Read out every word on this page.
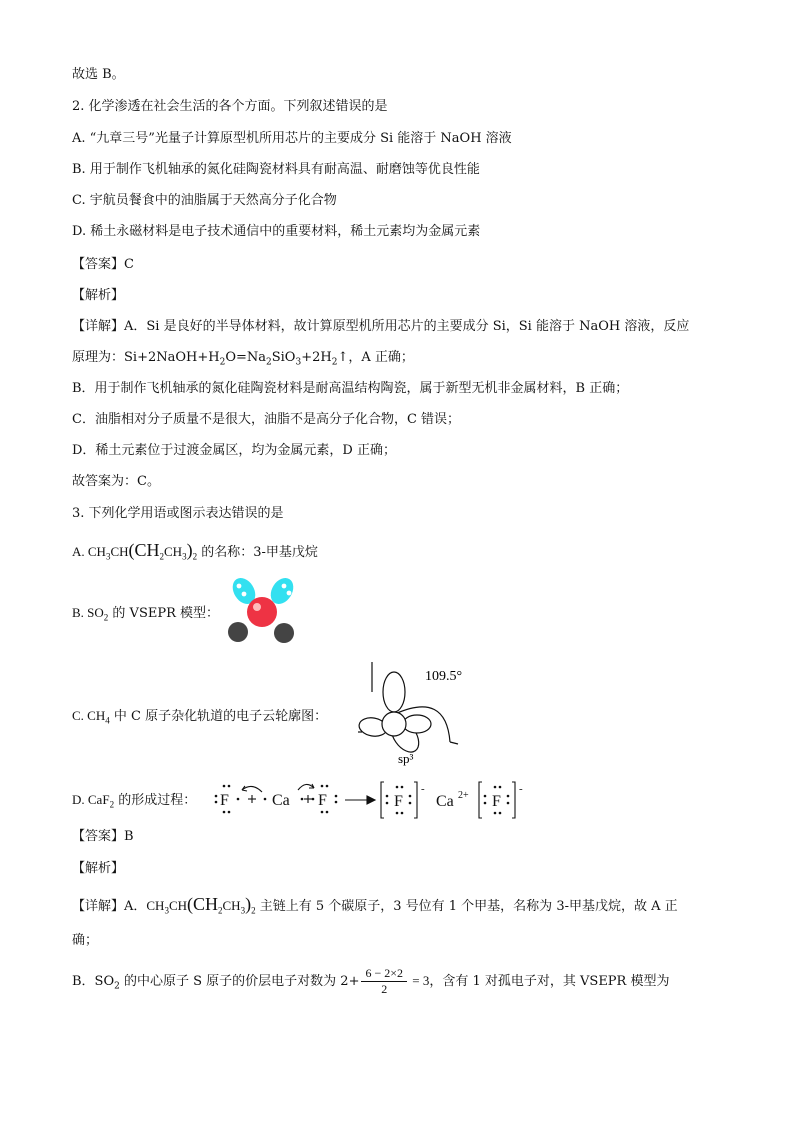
故选 B。
2. 化学渗透在社会生活的各个方面。下列叙述错误的是
A. “九章三号”光量子计算原型机所用芯片的主要成分 Si 能溶于 NaOH 溶液
B. 用于制作飞机轴承的氮化硅陶瓷材料具有耐高温、耐磨蚀等优良性能
C. 宇航员餐食中的油脂属于天然高分子化合物
D. 稀土永磁材料是电子技术通信中的重要材料，稀土元素均为金属元素
【答案】C
【解析】
【详解】A．Si 是良好的半导体材料，故计算原型机所用芯片的主要成分 Si，Si 能溶于 NaOH 溶液，反应
原理为：$Si+2NaOH+H_2O=Na_2SiO_3+2H_2↑$，A 正确；
B．用于制作飞机轴承的氮化硅陶瓷材料是耐高温结构陶瓷，属于新型无机非金属材料，B 正确；
C．油脂相对分子质量不是很大，油脂不是高分子化合物，C 错误；
D．稀土元素位于过渡金属区，均为金属元素，D 正确；
故答案为：C。
3. 下列化学用语或图示表达错误的是
A. $CH_3CH(CH_2CH_3)_2$ 的名称：3-甲基戊烷
B. $SO_2$ 的 VSEPR 模型：
C. $CH_4$ 中 C 原子杂化轨道的电子云轮廓图：
109.5°
sp³
D. CaF$_2$ 的形成过程： F	Ca F	F Ca 2+ F
-	-
【答案】B
【解析】
【详解】A．$CH_3CH(CH_2CH_3)_2$ 主链上有 5 个碳原子，3 号位有 1 个甲基，名称为 3-甲基戊烷，故 A 正
确；
B．$SO_2$ 的中心原子 S 原子的价层电子对数为 $2+ \frac{6 - 2\times 2}{2} = 3$，含有 1 对孤电子对，其 VSEPR 模型为
